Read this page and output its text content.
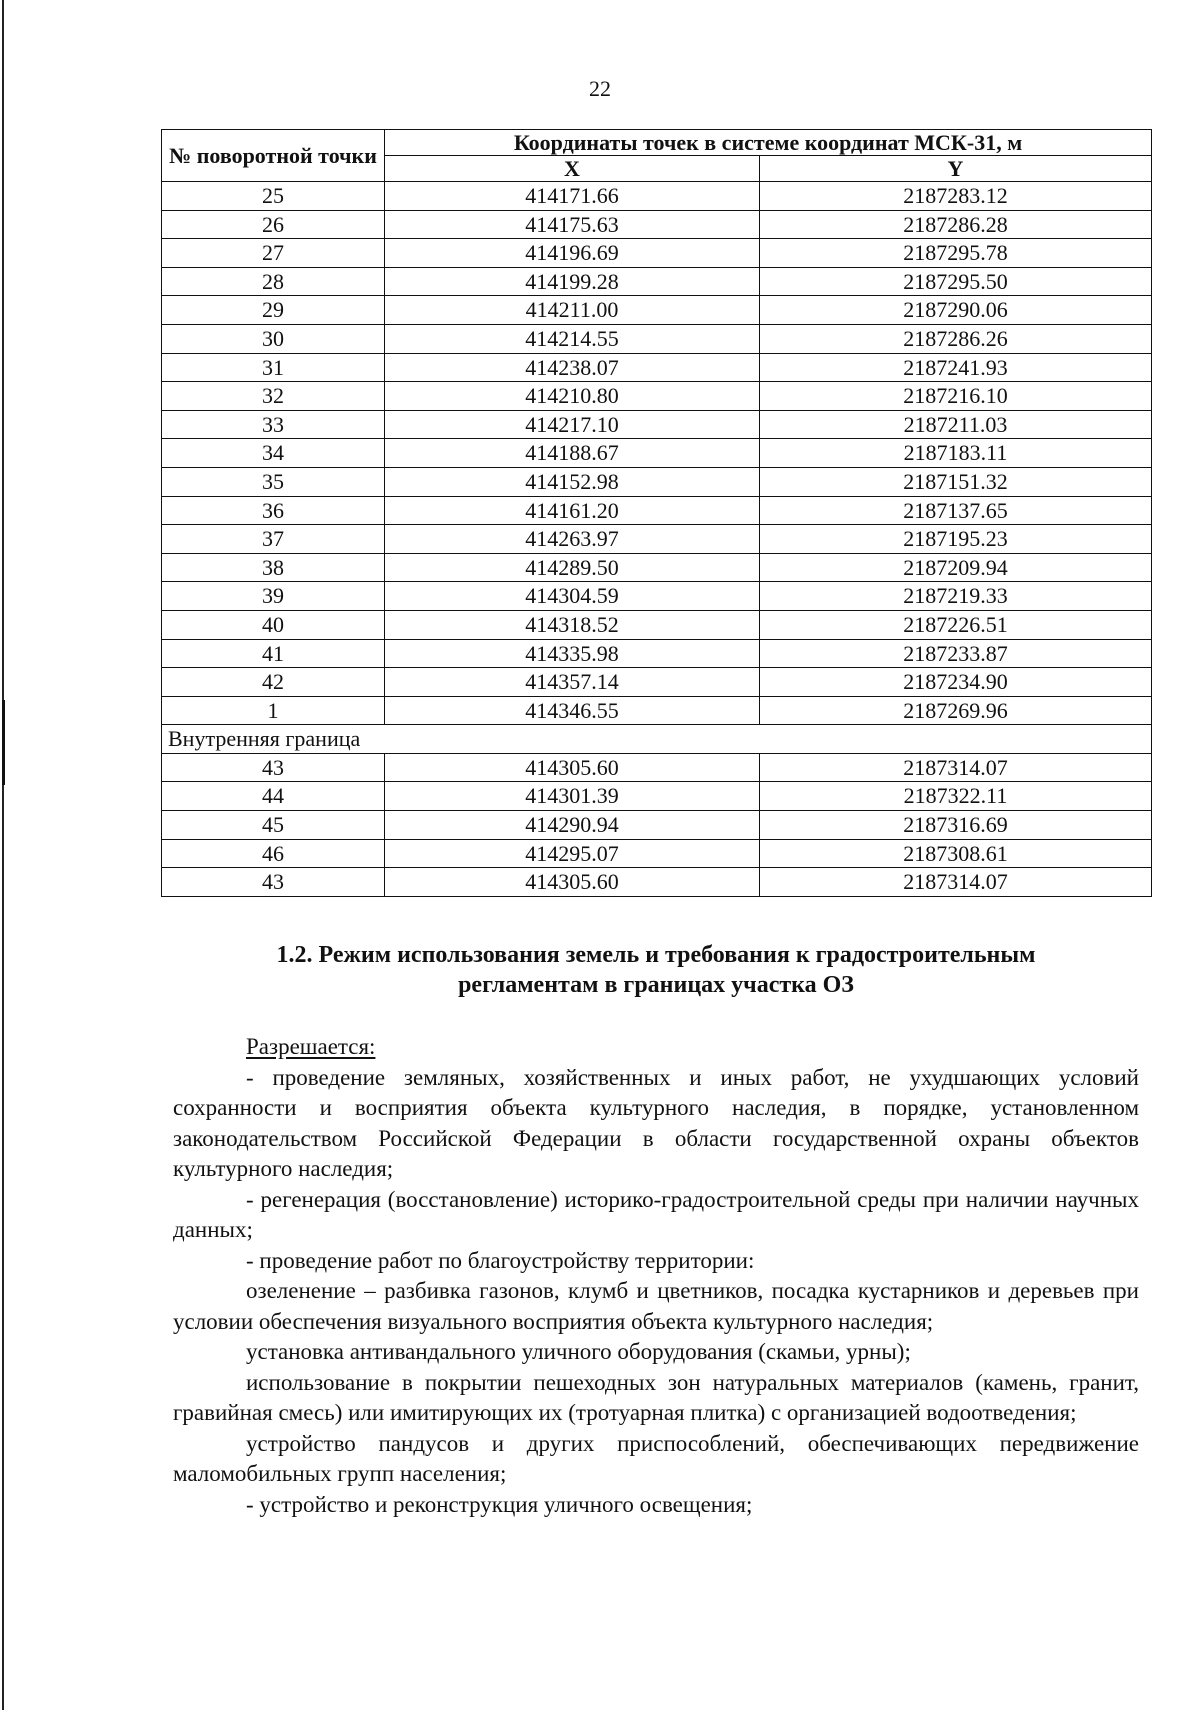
22
№ поворотной точки	Координаты точек в системе координат МСК-31, м	
	X	Y
25	414171.66	2187283.12
26	414175.63	2187286.28
27	414196.69	2187295.78
28	414199.28	2187295.50
29	414211.00	2187290.06
30	414214.55	2187286.26
31	414238.07	2187241.93
32	414210.80	2187216.10
33	414217.10	2187211.03
34	414188.67	2187183.11
35	414152.98	2187151.32
36	414161.20	2187137.65
37	414263.97	2187195.23
38	414289.50	2187209.94
39	414304.59	2187219.33
40	414318.52	2187226.51
41	414335.98	2187233.87
42	414357.14	2187234.90
1	414346.55	2187269.96
Внутренняя граница		
43	414305.60	2187314.07
44	414301.39	2187322.11
45	414290.94	2187316.69
46	414295.07	2187308.61
43	414305.60	2187314.07
1.2. Режим использования земель и требования к градостроительным
регламентам в границах участка ОЗ

Разрешается:

- проведение земляных, хозяйственных и иных работ, не ухудшающих условий сохранности и восприятия объекта культурного наследия, в порядке, установленном законодательством Российской Федерации в области государственной охраны объектов культурного наследия;

- регенерация (восстановление) историко-градостроительной среды при наличии научных данных;

- проведение работ по благоустройству территории:

озеленение – разбивка газонов, клумб и цветников, посадка кустарников и деревьев при условии обеспечения визуального восприятия объекта культурного наследия;

установка антивандального уличного оборудования (скамьи, урны);

использование в покрытии пешеходных зон натуральных материалов (камень, гранит, гравийная смесь) или имитирующих их (тротуарная плитка) с организацией водоотведения;

устройство пандусов и других приспособлений, обеспечивающих передвижение маломобильных групп населения;

- устройство и реконструкция уличного освещения;
